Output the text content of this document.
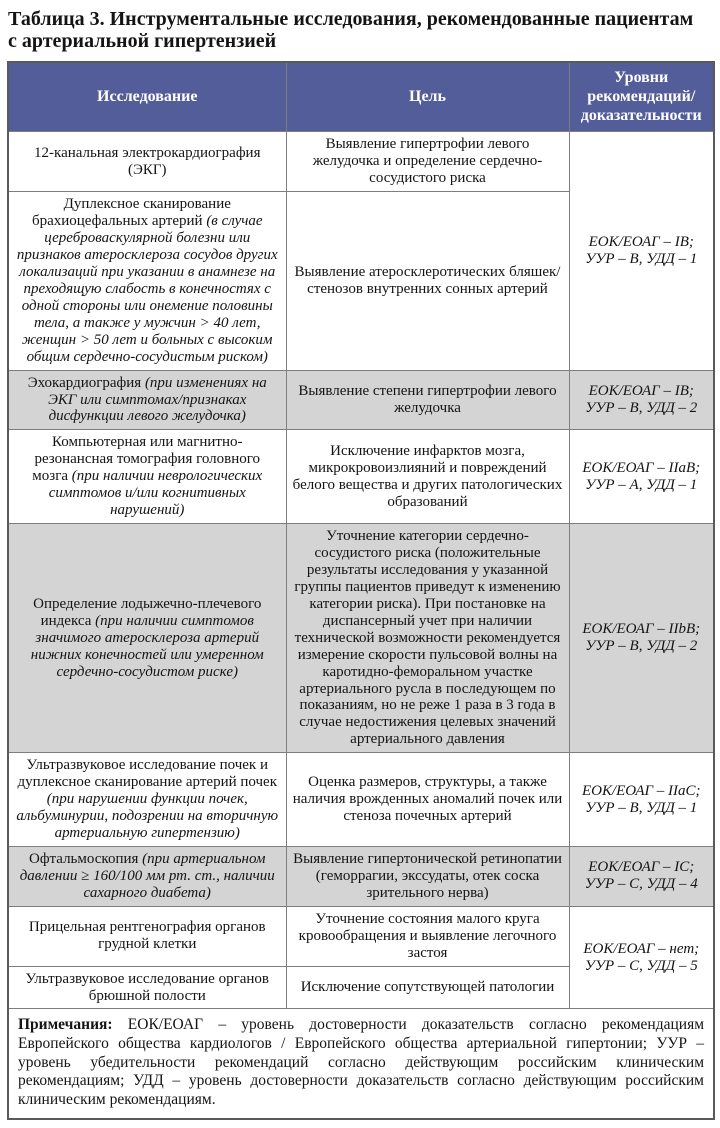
Таблица 3. Инструментальные исследования, рекомендованные пациентам
с артериальной гипертензией
Исследование	Цель	Уровни рекомендаций/ доказательности
12-канальная электрокардиография (ЭКГ)	Выявление гипертрофии левого желудочка и определение сердечно-сосудистого риска	ЕОК/ЕОАГ – IB; УУР – В, УДД – 1
Дуплексное сканирование брахиоцефальных артерий (в случае цереброваскулярной болезни или признаков атеросклероза сосудов других локализаций при указании в анамнезе на преходящую слабость в конечностях с одной стороны или онемение половины тела, а также у мужчин > 40 лет, женщин > 50 лет и больных с высоким общим сердечно-сосудистым риском)	Выявление атеросклеротических бляшек/стенозов внутренних сонных артерий	
Эхокардиография (при изменениях на ЭКГ или симптомах/признаках дисфункции левого желудочка)	Выявление степени гипертрофии левого желудочка	ЕОК/ЕОАГ – IB; УУР – В, УДД – 2
Компьютерная или магнитно-резонансная томография головного мозга (при наличии неврологических симптомов и/или когнитивных нарушений)	Исключение инфарктов мозга, микрокровоизлияний и повреждений белого вещества и других патологических образований	ЕОК/ЕОАГ – IIaB; УУР – А, УДД – 1
Определение лодыжечно-плечевого индекса (при наличии симптомов значимого атеросклероза артерий нижних конечностей или умеренном сердечно-сосудистом риске)	Уточнение категории сердечно-сосудистого риска (положительные результаты исследования у указанной группы пациентов приведут к изменению категории риска). При постановке на диспансерный учет при наличии технической возможности рекомендуется измерение скорости пульсовой волны на каротидно-феморальном участке артериального русла в последующем по показаниям, но не реже 1 раза в 3 года в случае недостижения целевых значений артериального давления	ЕОК/ЕОАГ – IIbB; УУР – В, УДД – 2
Ультразвуковое исследование почек и дуплексное сканирование артерий почек (при нарушении функции почек, альбуминурии, подозрении на вторичную артериальную гипертензию)	Оценка размеров, структуры, а также наличия врожденных аномалий почек или стеноза почечных артерий	ЕОК/ЕОАГ – IIaC; УУР – В, УДД – 1
Офтальмоскопия (при артериальном давлении ≥ 160/100 мм рт. ст., наличии сахарного диабета)	Выявление гипертонической ретинопатии (геморрагии, экссудаты, отек соска зрительного нерва)	ЕОК/ЕОАГ – IC; УУР – С, УДД – 4
Прицельная рентгенография органов грудной клетки	Уточнение состояния малого круга кровообращения и выявление легочного застоя	ЕОК/ЕОАГ – нет; УУР – С, УДД – 5
Ультразвуковое исследование органов брюшной полости	Исключение сопутствующей патологии	
Примечания: ЕОК/ЕОАГ – уровень достоверности доказательств согласно рекомендациям Европейского общества кардиологов / Европейского общества артериальной гипертонии; УУР – уровень убедительности рекомендаций согласно действующим российским клиническим рекомендациям; УДД – уровень достоверности доказательств согласно действующим российским клиническим рекомендациям.		
